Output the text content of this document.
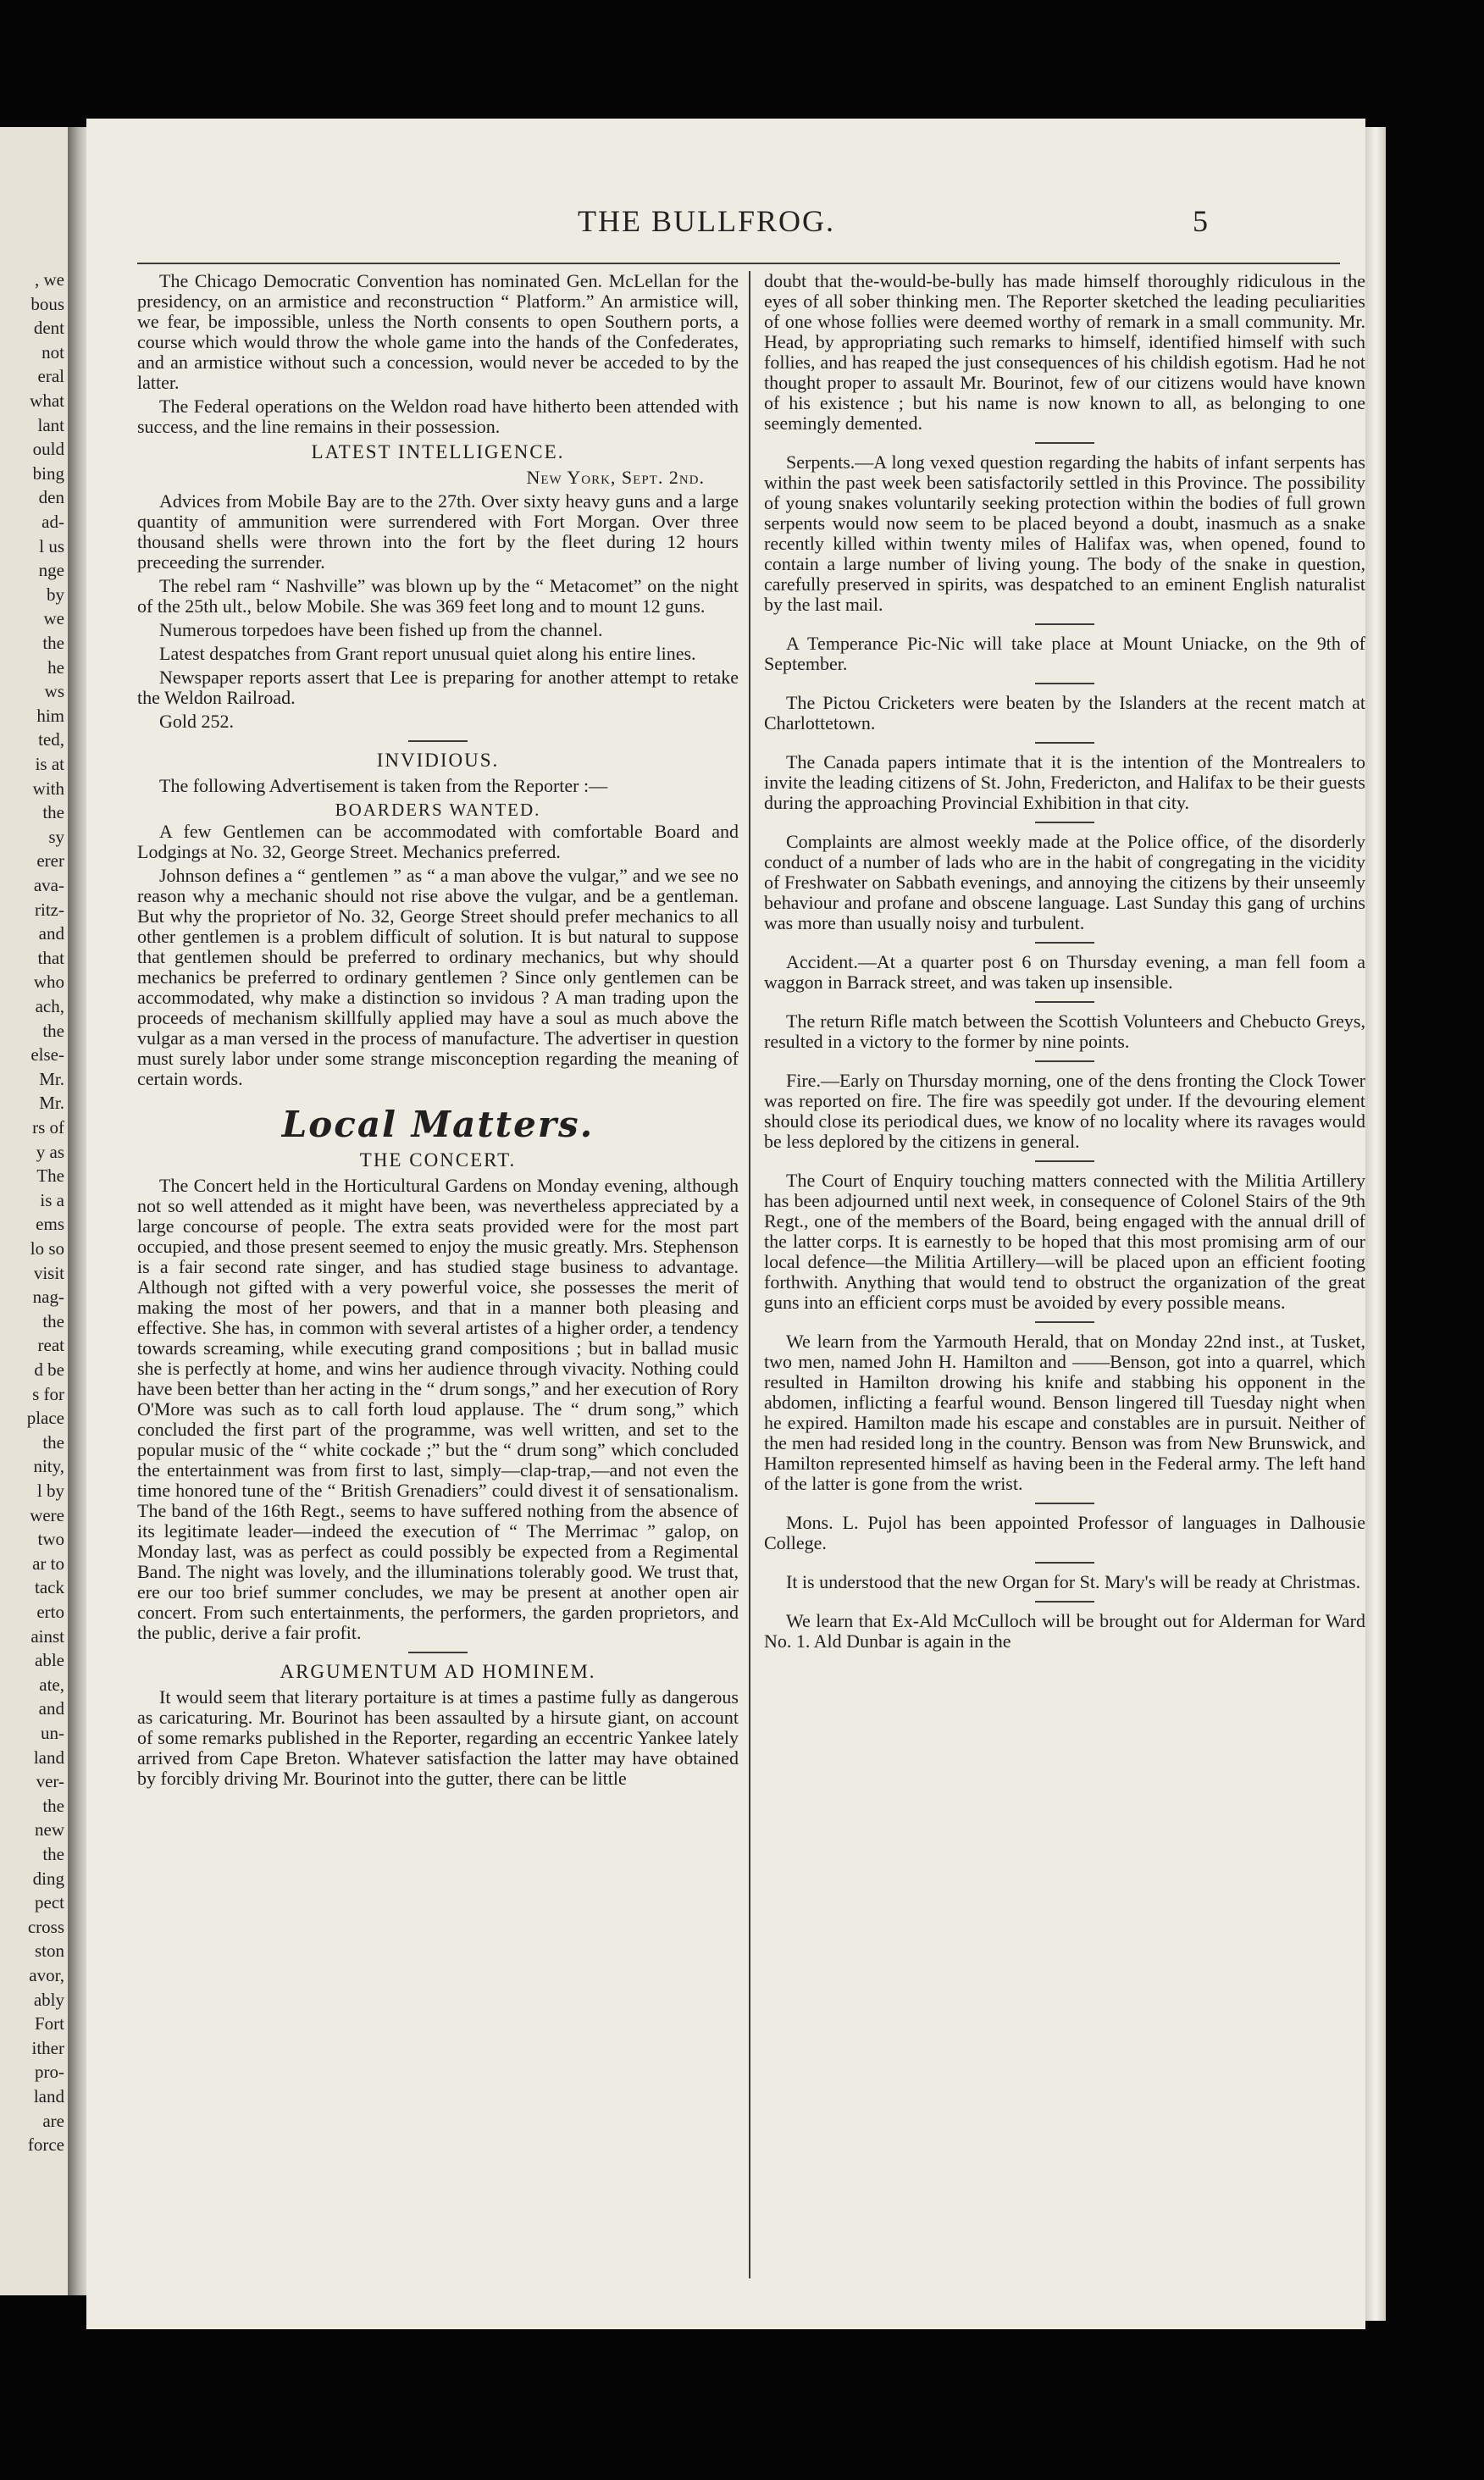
, we
bous
dent
not
eral
what
lant
ould
bing
den
ad-
l us
nge
by
we
the
he
ws
him
ted,
is at
with
the
sy
erer
ava-
ritz-
and
that
who
ach,
the
else-
Mr.
Mr.
rs of
y as
The
is a
ems
lo so
visit
nag-
the
reat
d be
s for
place
the
nity,
l by
were
two
ar to
tack
erto
ainst
able
ate,
and
un-
land
ver-
the
new
the
ding
pect
cross
ston
avor,
ably
Fort
ither
pro-
land
are
force
THE BULLFROG.	5

The Chicago Democratic Convention has nominated Gen. McLellan for the presidency, on an armistice and reconstruction “ Platform.” An armistice will, we fear, be impossible, unless the North consents to open Southern ports, a course which would throw the whole game into the hands of the Confederates, and an armistice without such a concession, would never be acceded to by the latter.

The Federal operations on the Weldon road have hitherto been attended with success, and the line remains in their possession.

LATEST INTELLIGENCE.
New York, Sept. 2nd.

Advices from Mobile Bay are to the 27th. Over sixty heavy guns and a large quantity of ammunition were surrendered with Fort Morgan. Over three thousand shells were thrown into the fort by the fleet during 12 hours preceeding the surrender.

The rebel ram “ Nashville” was blown up by the “ Metacomet” on the night of the 25th ult., below Mobile. She was 369 feet long and to mount 12 guns.

Numerous torpedoes have been fished up from the channel.

Latest despatches from Grant report unusual quiet along his entire lines.

Newspaper reports assert that Lee is preparing for another attempt to retake the Weldon Railroad.

Gold 252.

INVIDIOUS.

The following Advertisement is taken from the Reporter :—

BOARDERS WANTED.

A few Gentlemen can be accommodated with comfortable Board and Lodgings at No. 32, George Street. Mechanics preferred.

Johnson defines a “ gentlemen ” as “ a man above the vulgar,” and we see no reason why a mechanic should not rise above the vulgar, and be a gentleman. But why the proprietor of No. 32, George Street should prefer mechanics to all other gentlemen is a problem difficult of solution. It is but natural to suppose that gentlemen should be preferred to ordinary mechanics, but why should mechanics be preferred to ordinary gentlemen ? Since only gentlemen can be accommodated, why make a distinction so invidous ? A man trading upon the proceeds of mechanism skillfully applied may have a soul as much above the vulgar as a man versed in the process of manufacture. The advertiser in question must surely labor under some strange misconception regarding the meaning of certain words.

Local Matters.
THE CONCERT.

The Concert held in the Horticultural Gardens on Monday evening, although not so well attended as it might have been, was nevertheless appreciated by a large concourse of people. The extra seats provided were for the most part occupied, and those present seemed to enjoy the music greatly. Mrs. Stephenson is a fair second rate singer, and has studied stage business to advantage. Although not gifted with a very powerful voice, she possesses the merit of making the most of her powers, and that in a manner both pleasing and effective. She has, in common with several artistes of a higher order, a tendency towards screaming, while executing grand compositions ; but in ballad music she is perfectly at home, and wins her audience through vivacity. Nothing could have been better than her acting in the “ drum songs,” and her execution of Rory O'More was such as to call forth loud applause. The “ drum song,” which concluded the first part of the programme, was well written, and set to the popular music of the “ white cockade ;” but the “ drum song” which concluded the entertainment was from first to last, simply—clap-trap,—and not even the time honored tune of the “ British Grenadiers” could divest it of sensationalism. The band of the 16th Regt., seems to have suffered nothing from the absence of its legitimate leader—indeed the execution of “ The Merrimac ” galop, on Monday last, was as perfect as could possibly be expected from a Regimental Band. The night was lovely, and the illuminations tolerably good. We trust that, ere our too brief summer concludes, we may be present at another open air concert. From such entertainments, the performers, the garden proprietors, and the public, derive a fair profit.

ARGUMENTUM AD HOMINEM.

It would seem that literary portaiture is at times a pastime fully as dangerous as caricaturing. Mr. Bourinot has been assaulted by a hirsute giant, on account of some remarks published in the Reporter, regarding an eccentric Yankee lately arrived from Cape Breton. Whatever satisfaction the latter may have obtained by forcibly driving Mr. Bourinot into the gutter, there can be little

doubt that the-would-be-bully has made himself thoroughly ridiculous in the eyes of all sober thinking men. The Reporter sketched the leading peculiarities of one whose follies were deemed worthy of remark in a small community. Mr. Head, by appropriating such remarks to himself, identified himself with such follies, and has reaped the just consequences of his childish egotism. Had he not thought proper to assault Mr. Bourinot, few of our citizens would have known of his existence ; but his name is now known to all, as belonging to one seemingly demented.

Serpents.—A long vexed question regarding the habits of infant serpents has within the past week been satisfactorily settled in this Province. The possibility of young snakes voluntarily seeking protection within the bodies of full grown serpents would now seem to be placed beyond a doubt, inasmuch as a snake recently killed within twenty miles of Halifax was, when opened, found to contain a large number of living young. The body of the snake in question, carefully preserved in spirits, was despatched to an eminent English naturalist by the last mail.

A Temperance Pic-Nic will take place at Mount Uniacke, on the 9th of September.

The Pictou Cricketers were beaten by the Islanders at the recent match at Charlottetown.

The Canada papers intimate that it is the intention of the Montrealers to invite the leading citizens of St. John, Fredericton, and Halifax to be their guests during the approaching Provincial Exhibition in that city.

Complaints are almost weekly made at the Police office, of the disorderly conduct of a number of lads who are in the habit of congregating in the vicidity of Freshwater on Sabbath evenings, and annoying the citizens by their unseemly behaviour and profane and obscene language. Last Sunday this gang of urchins was more than usually noisy and turbulent.

Accident.—At a quarter post 6 on Thursday evening, a man fell foom a waggon in Barrack street, and was taken up insensible.

The return Rifle match between the Scottish Volunteers and Chebucto Greys, resulted in a victory to the former by nine points.

Fire.—Early on Thursday morning, one of the dens fronting the Clock Tower was reported on fire. The fire was speedily got under. If the devouring element should close its periodical dues, we know of no locality where its ravages would be less deplored by the citizens in general.

The Court of Enquiry touching matters connected with the Militia Artillery has been adjourned until next week, in consequence of Colonel Stairs of the 9th Regt., one of the members of the Board, being engaged with the annual drill of the latter corps. It is earnestly to be hoped that this most promising arm of our local defence—the Militia Artillery—will be placed upon an efficient footing forthwith. Anything that would tend to obstruct the organization of the great guns into an efficient corps must be avoided by every possible means.

We learn from the Yarmouth Herald, that on Monday 22nd inst., at Tusket, two men, named John H. Hamilton and ——Benson, got into a quarrel, which resulted in Hamilton drowing his knife and stabbing his opponent in the abdomen, inflicting a fearful wound. Benson lingered till Tuesday night when he expired. Hamilton made his escape and constables are in pursuit. Neither of the men had resided long in the country. Benson was from New Brunswick, and Hamilton represented himself as having been in the Federal army. The left hand of the latter is gone from the wrist.

Mons. L. Pujol has been appointed Professor of languages in Dalhousie College.

It is understood that the new Organ for St. Mary's will be ready at Christmas.

We learn that Ex-Ald McCulloch will be brought out for Alderman for Ward No. 1. Ald Dunbar is again in the
